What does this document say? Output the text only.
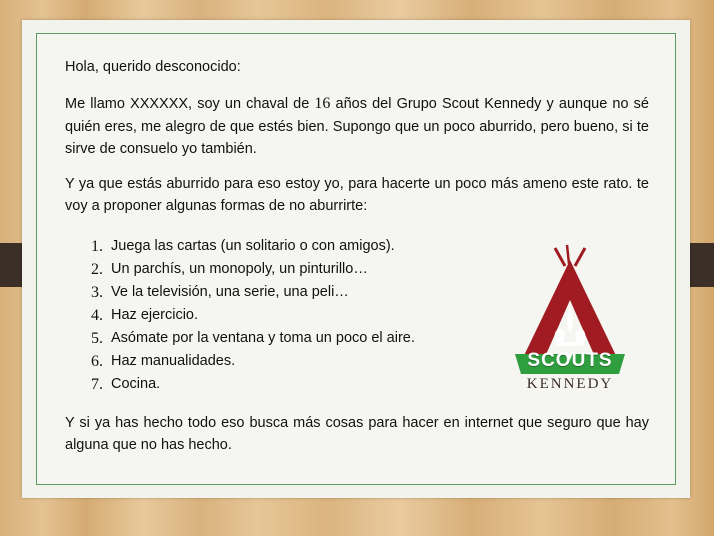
Hola, querido desconocido:

Me llamo XXXXXX, soy un chaval de 16 años del Grupo Scout Kennedy y aunque no sé quién eres, me alegro de que estés bien. Supongo que un poco aburrido, pero bueno, si te sirve de consuelo yo también.

Y ya que estás aburrido para eso estoy yo, para hacerte un poco más ameno este rato. te voy a proponer algunas formas de no aburrirte:

Juega las cartas (un solitario o con amigos).
Un parchís, un monopoly, un pinturillo…
Ve la televisión, una serie, una peli…
Haz ejercicio.
Asómate por la ventana y toma un poco el aire.
Haz manualidades.
Cocina.

Y si ya has hecho todo eso busca más cosas para hacer en internet que seguro que hay alguna que no has hecho.

SCOUTS
KENNEDY
